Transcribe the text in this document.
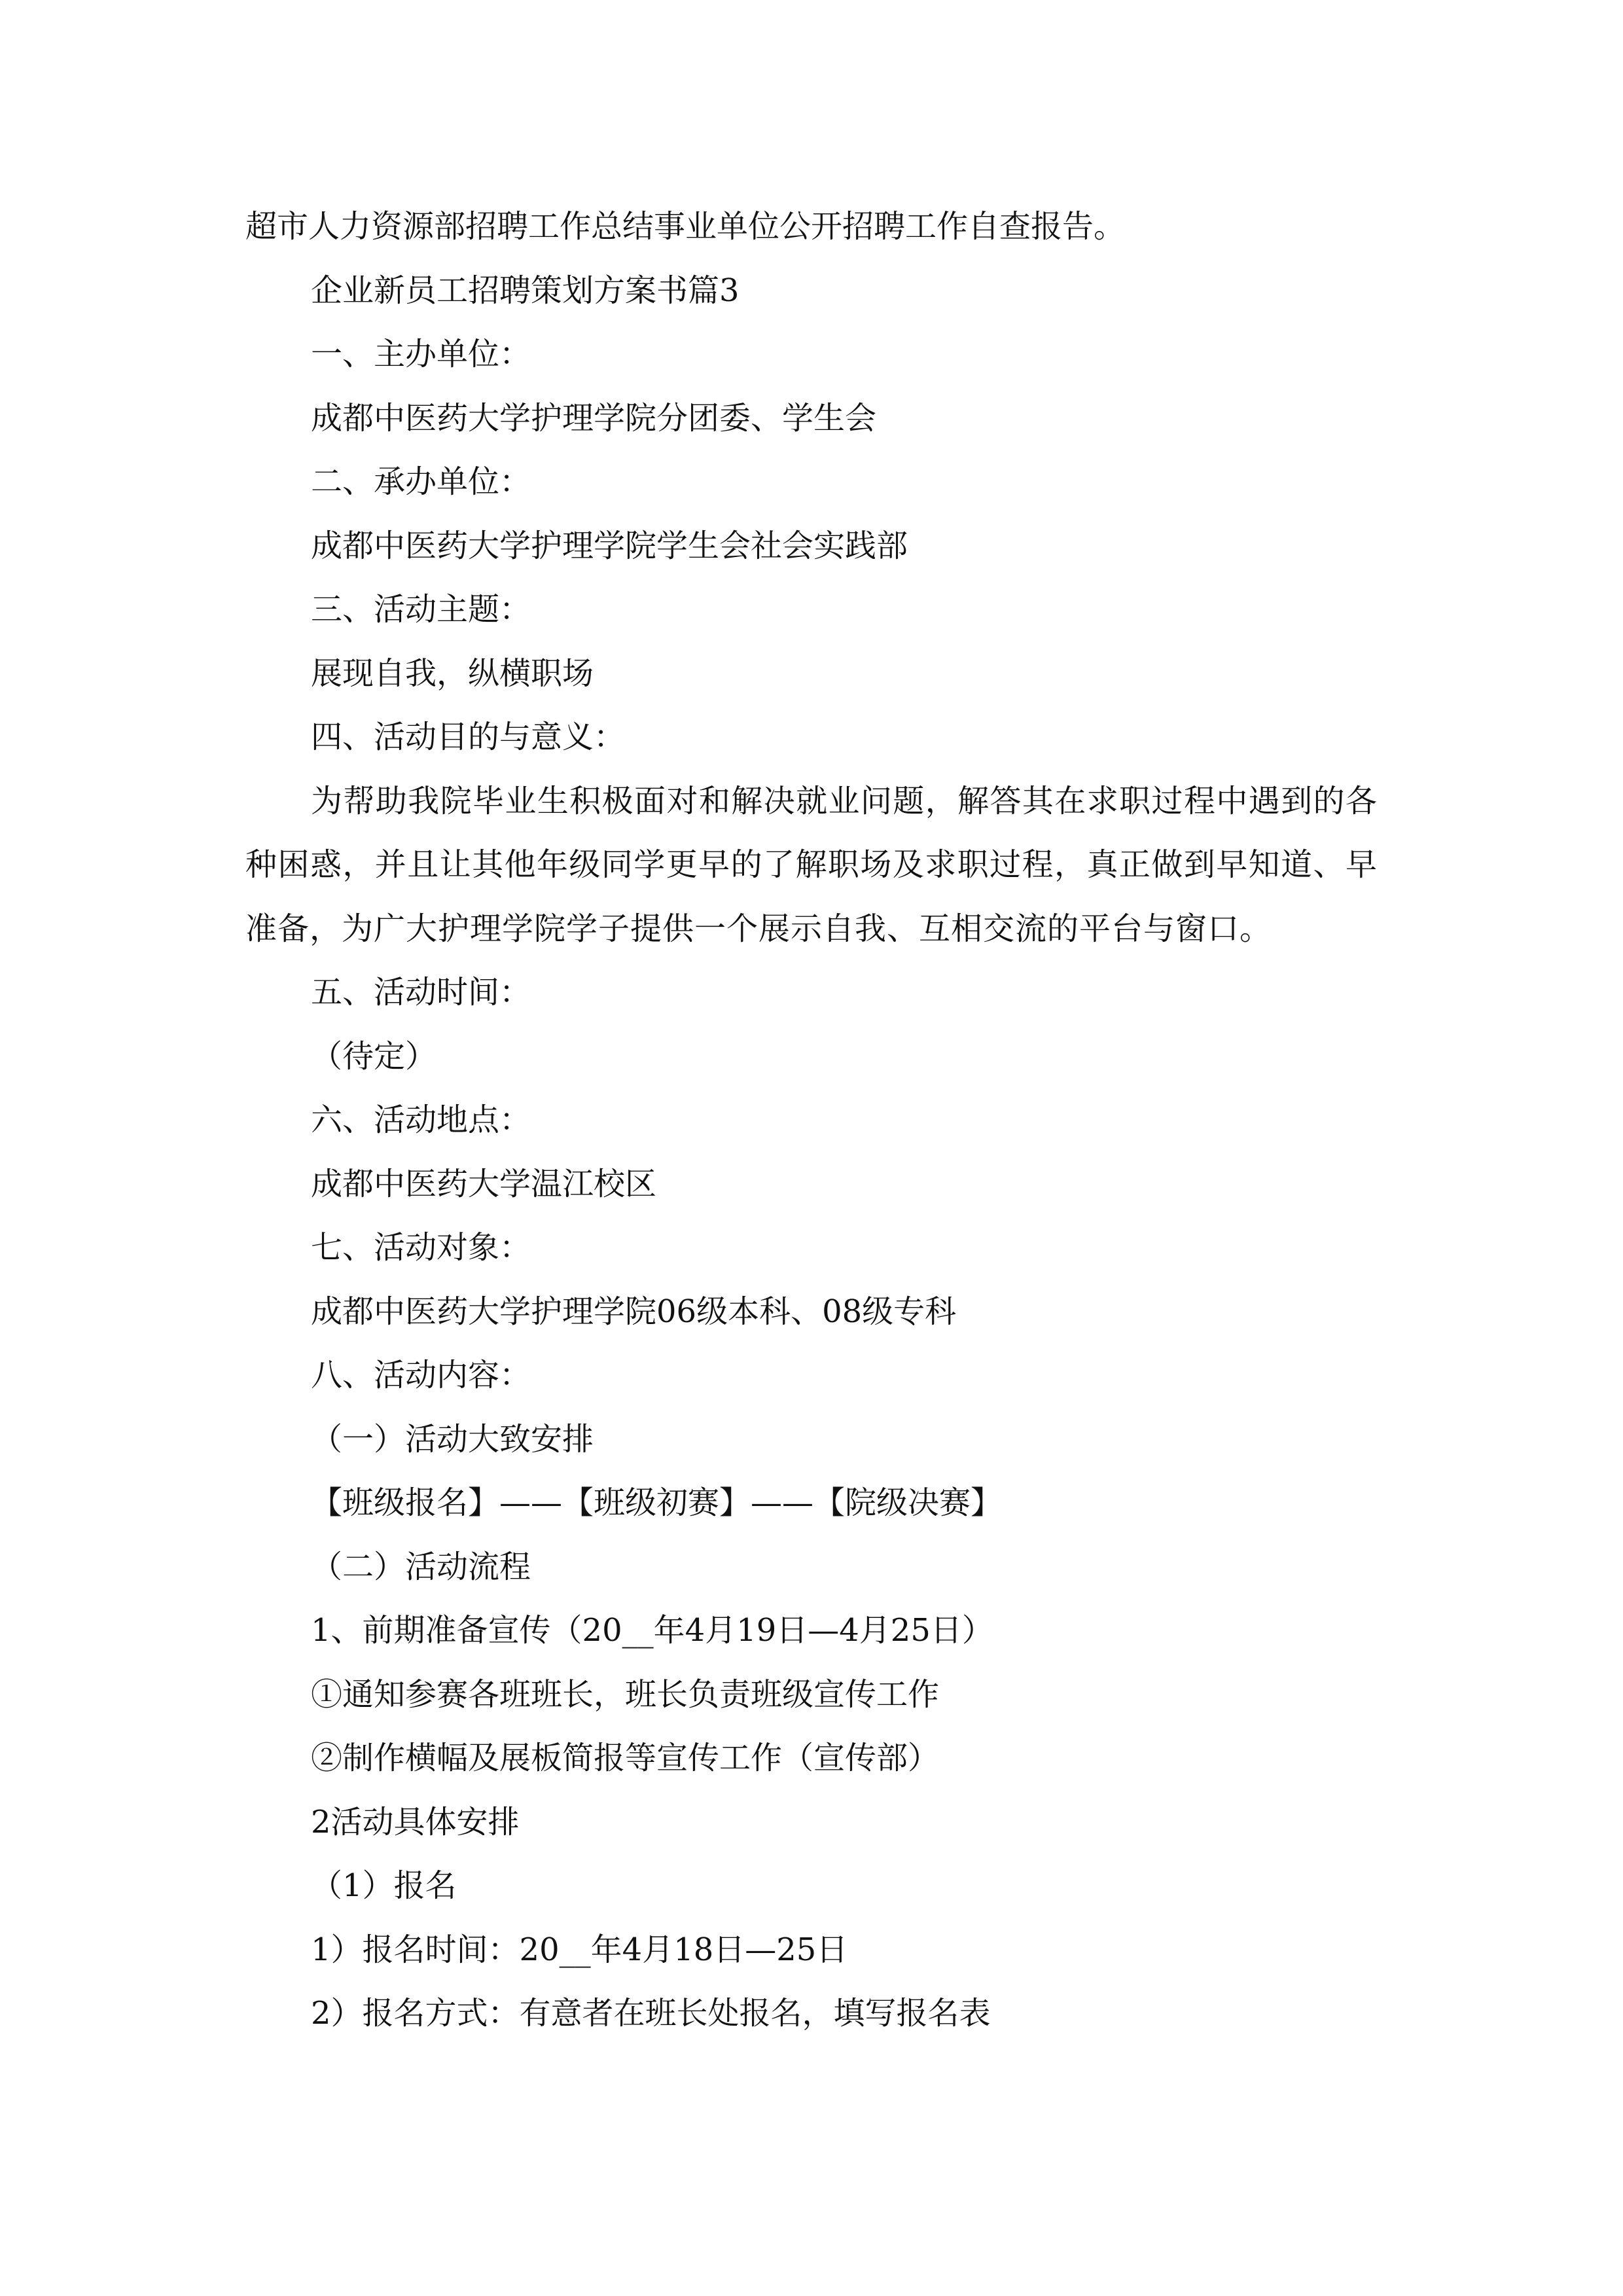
超市人力资源部招聘工作总结事业单位公开招聘工作自查报告。
企业新员工招聘策划方案书篇3
一、主办单位：
成都中医药大学护理学院分团委、学生会
二、承办单位：
成都中医药大学护理学院学生会社会实践部
三、活动主题：
展现自我，纵横职场
四、活动目的与意义：
为帮助我院毕业生积极面对和解决就业问题，解答其在求职过程中遇到的各种困惑，并且让其他年级同学更早的了解职场及求职过程，真正做到早知道、早准备，为广大护理学院学子提供一个展示自我、互相交流的平台与窗口。
五、活动时间：
（待定）
六、活动地点：
成都中医药大学温江校区
七、活动对象：
成都中医药大学护理学院06级本科、08级专科
八、活动内容：
（一）活动大致安排
【班级报名】——【班级初赛】——【院级决赛】
（二）活动流程
1、前期准备宣传（20__年4月19日—4月25日）
①通知参赛各班班长，班长负责班级宣传工作
②制作横幅及展板简报等宣传工作（宣传部）
2活动具体安排
（1）报名
1）报名时间：20__年4月18日—25日
2）报名方式：有意者在班长处报名，填写报名表
